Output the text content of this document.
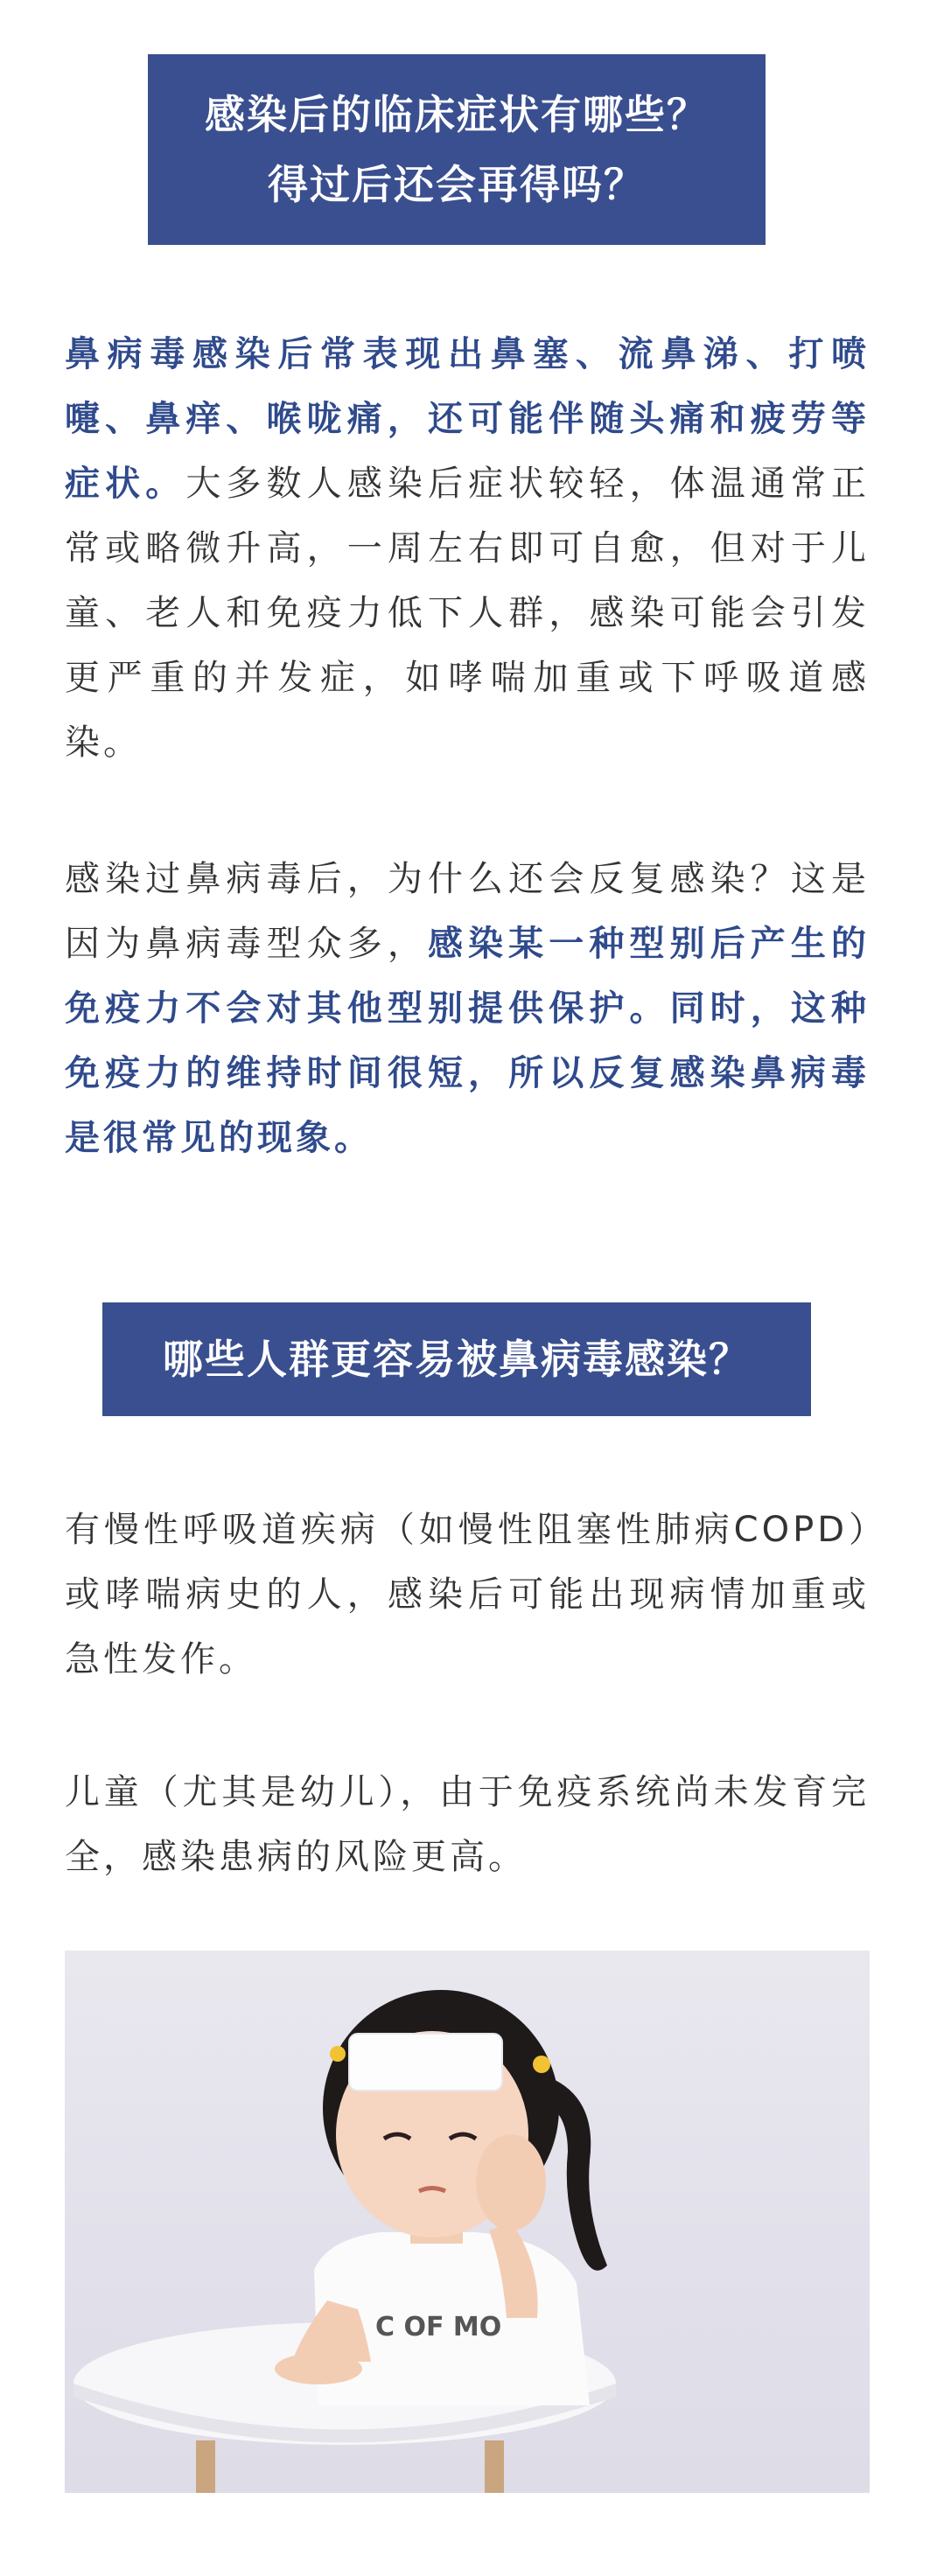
感染后的临床症状有哪些？
得过后还会再得吗？

鼻病毒感染后常表现出鼻塞、流鼻涕、打喷嚏、鼻痒、喉咙痛，还可能伴随头痛和疲劳等症状。大多数人感染后症状较轻，体温通常正常或略微升高，一周左右即可自愈，但对于儿童、老人和免疫力低下人群，感染可能会引发更严重的并发症，如哮喘加重或下呼吸道感染。

感染过鼻病毒后，为什么还会反复感染？这是因为鼻病毒型众多，感染某一种型别后产生的免疫力不会对其他型别提供保护。同时，这种免疫力的维持时间很短，所以反复感染鼻病毒是很常见的现象。

哪些人群更容易被鼻病毒感染？

有慢性呼吸道疾病（如慢性阻塞性肺病COPD）或哮喘病史的人，感染后可能出现病情加重或急性发作。

儿童（尤其是幼儿），由于免疫系统尚未发育完全，感染患病的风险更高。

C OF MO
